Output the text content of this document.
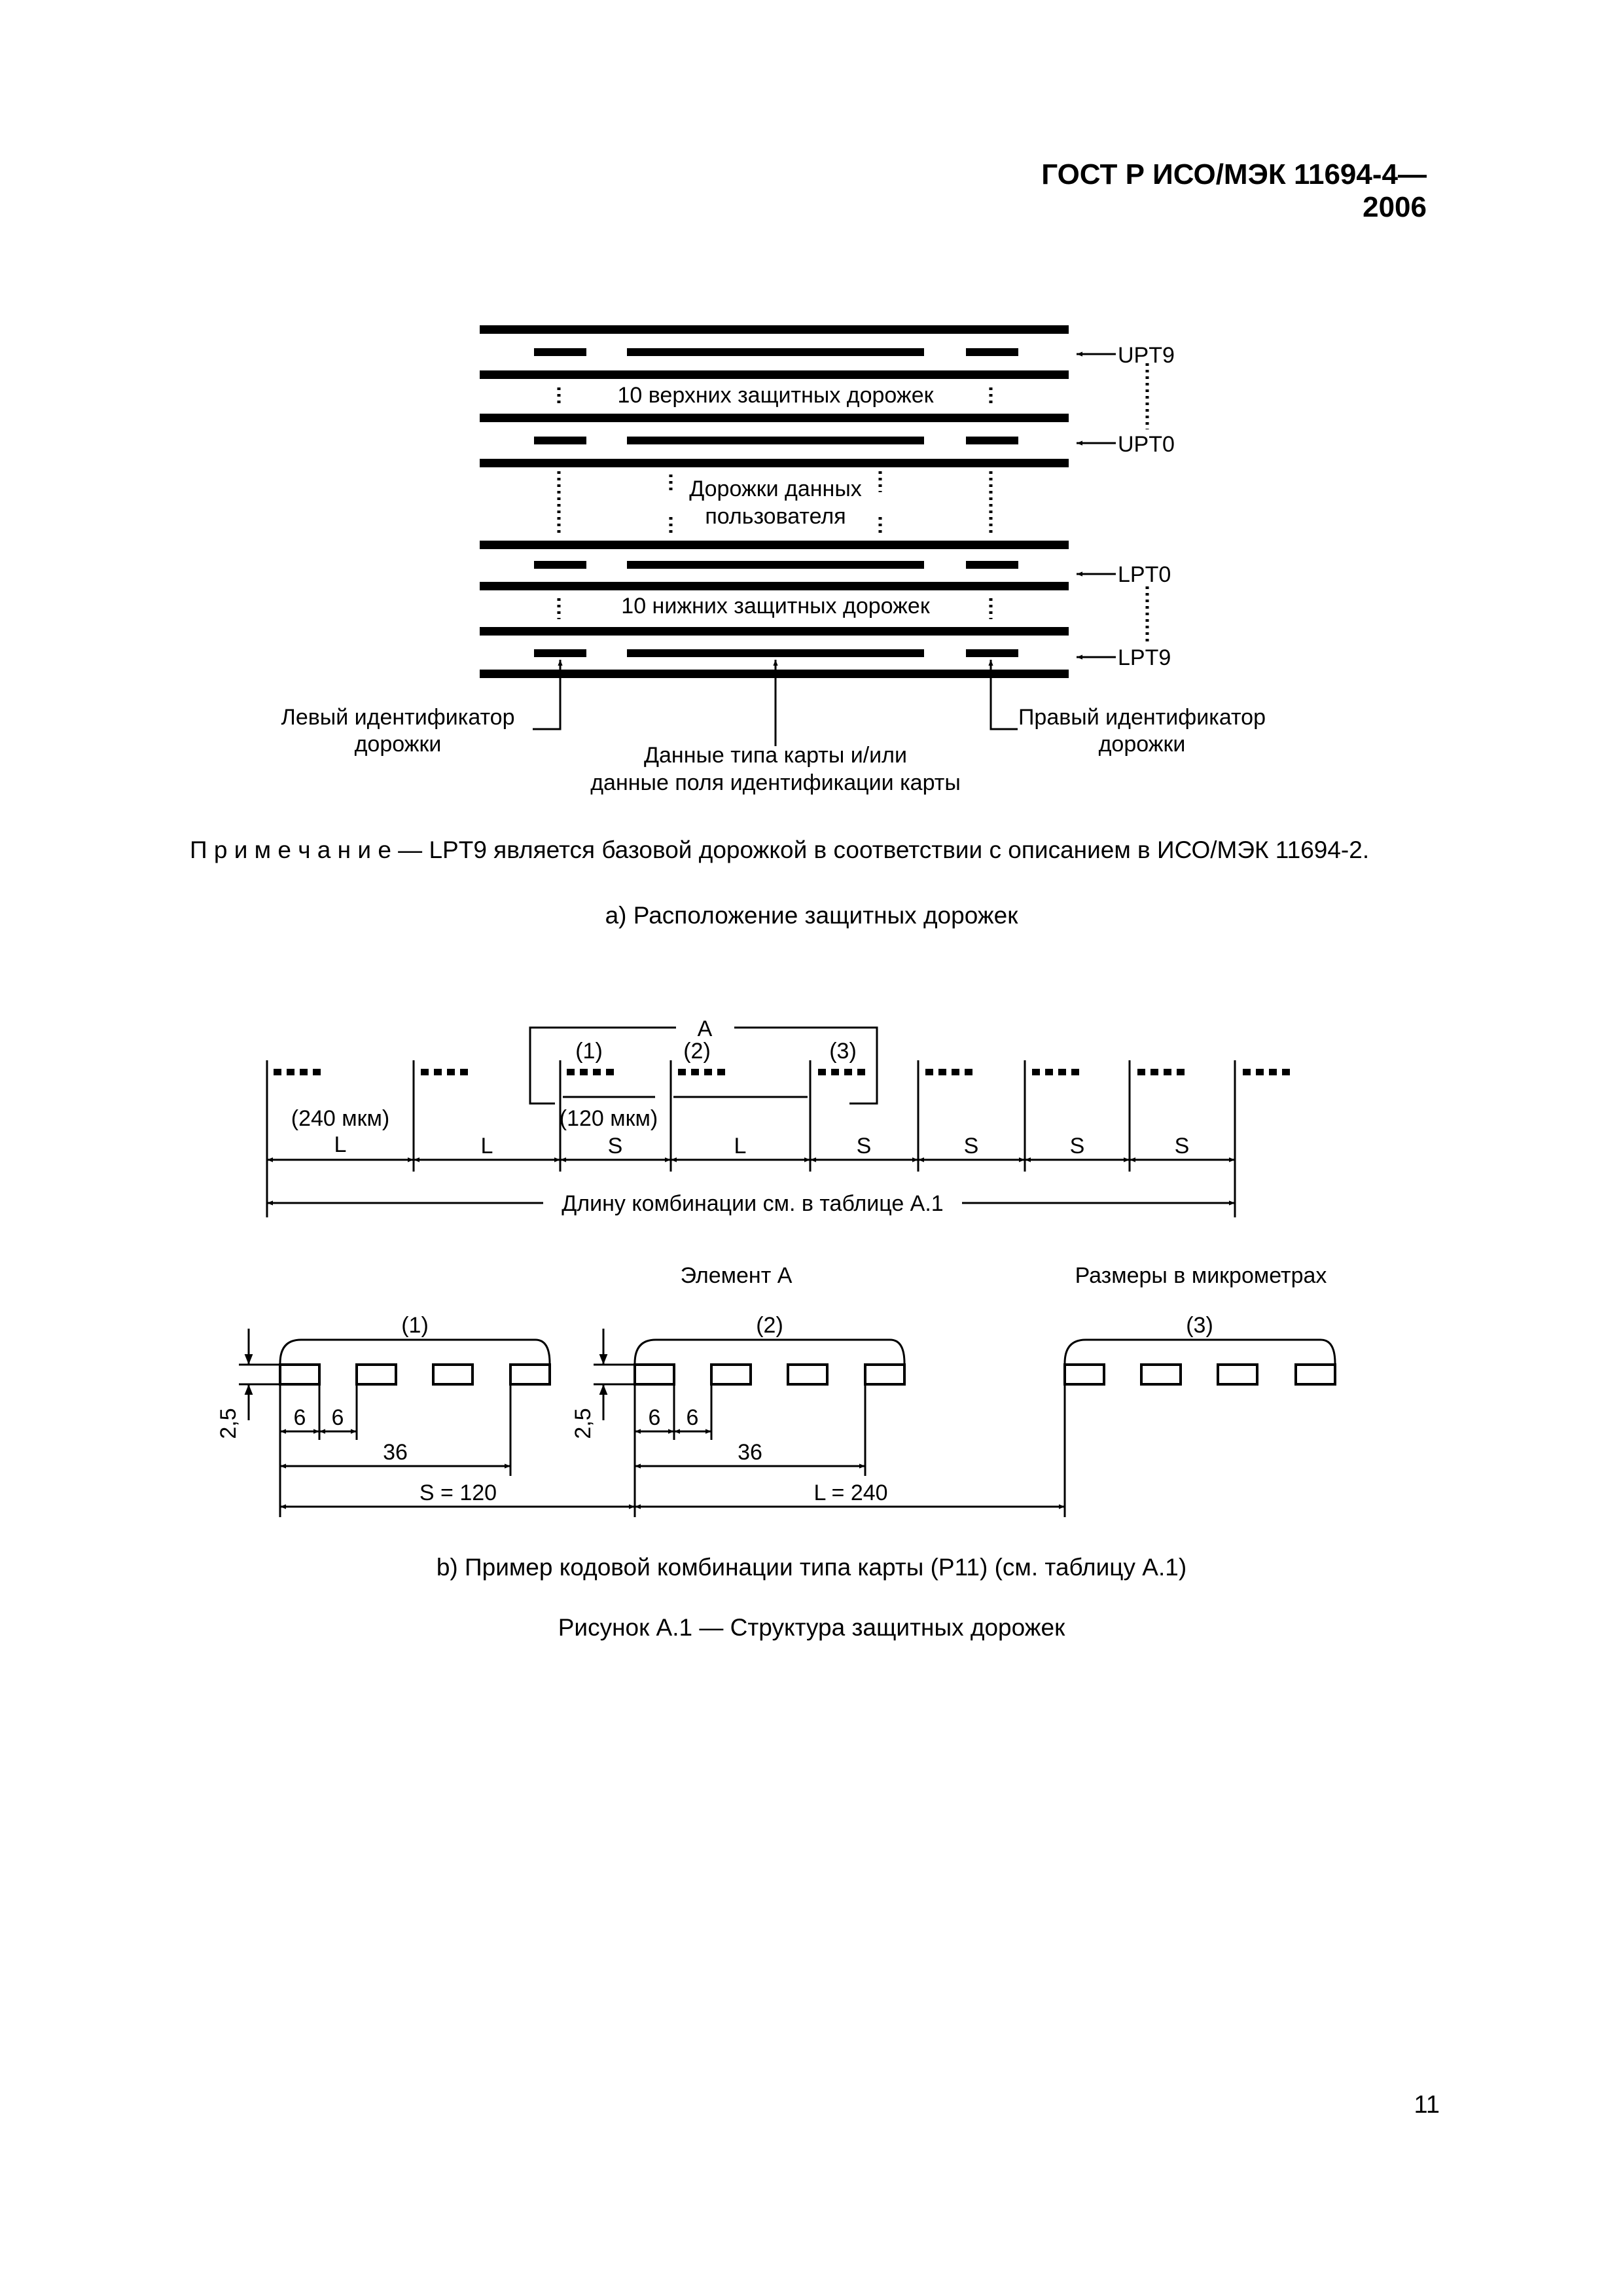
ГОСТ Р ИСО/МЭК 11694-4—2006
UPT9
UPT0
LPT0
LPT9
10 верхних защитных дорожек
Дорожки данных
пользователя
10 нижних защитных дорожек
Левый идентификатор
дорожки	Данные типа карты и/или
данные поля идентификации карты
Правый идентификатор
дорожки
A
(1)	(2)	(3)
(240 мкм)	(120 мкм)
L	L	S	L	S	S	S	S
Длину комбинации см. в таблице А.1
Элемент А	Размеры в микрометрах
(1)	(2)	(3)
2,5	2,5
6 6	6 6
36	36
S = 120	L = 240
П р и м е ч а н и е — LPT9 является базовой дорожкой в соответствии с описанием в ИСО/МЭК 11694-2.
а) Расположение защитных дорожек
b) Пример кодовой комбинации типа карты (P11) (см. таблицу А.1)
Рисунок А.1 — Структура защитных дорожек
11
